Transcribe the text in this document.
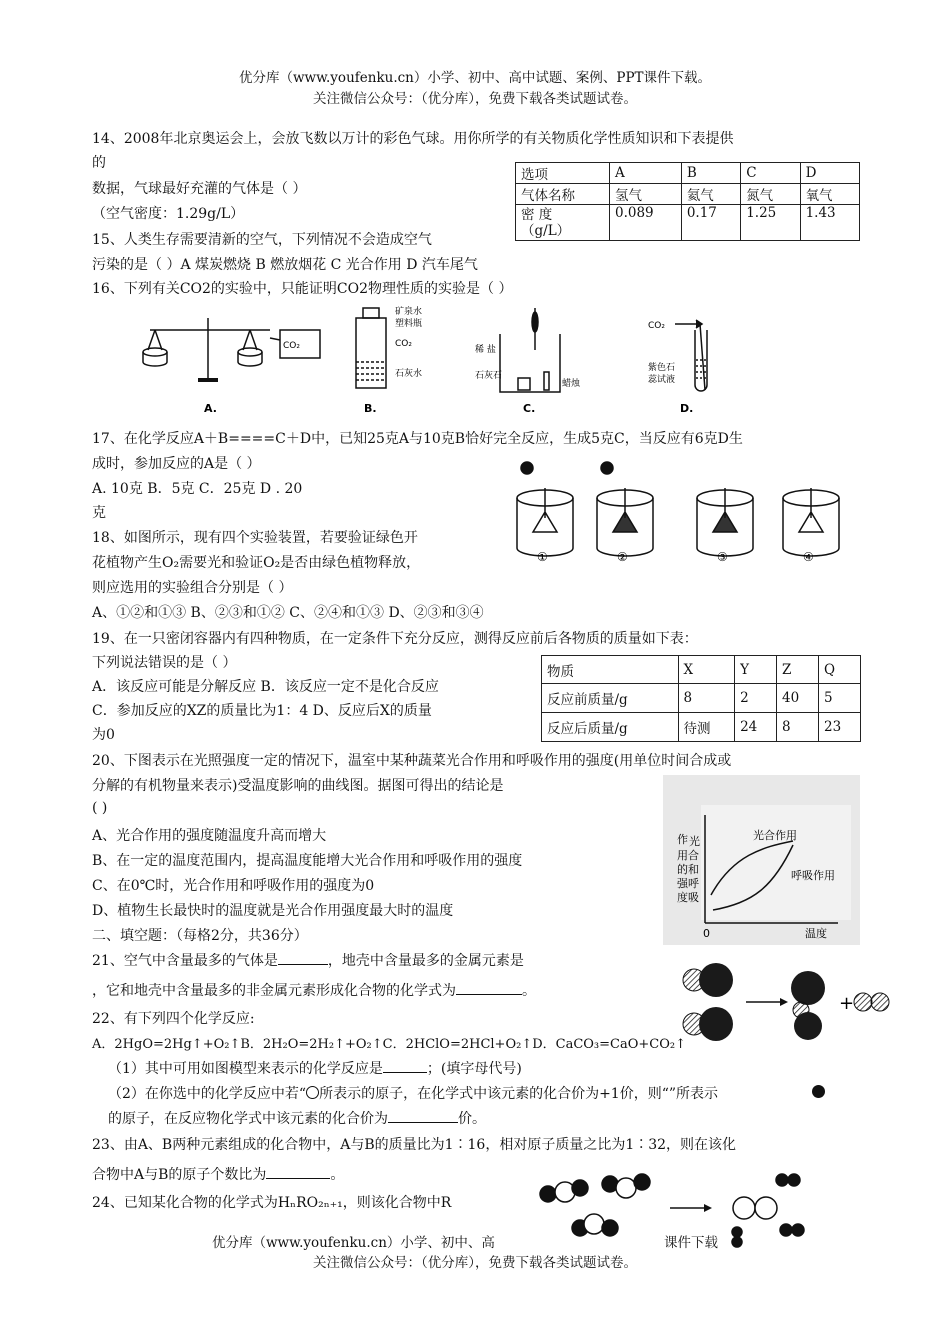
优分库（www.youfenku.cn）小学、初中、高中试题、案例、PPT课件下载。
关注微信公众号：（优分库），免费下载各类试题试卷。
14、2008年北京奥运会上，会放飞数以万计的彩色气球。用你所学的有关物质化学性质知识和下表提供
的
数据，气球最好充灌的气体是（ ）
（空气密度：1.29g/L）
选项	A	B	C	D
气体名称	氢气	氦气	氮气	氧气

密 度
（g/L）	0.089	0.17	1.25	1.43
15、人类生存需要清新的空气，下列情况不会造成空气
污染的是（ ）A 煤炭燃烧 B 燃放烟花 C 光合作用 D 汽车尾气
16、下列有关CO2的实验中，只能证明CO2物理性质的实验是（ ）
CO₂
A.
矿泉水
塑料瓶
CO₂
石灰水
B.
稀 盐
石灰石
蜡烛
C.
CO₂
紫色石
蕊试液
D.
17、在化学反应A＋B====C＋D中，已知25克A与10克B恰好完全反应，生成5克C，当反应有6克D生
成时，参加反应的A是（ ）
A. 10克 B．5克 C．25克 D . 20
克
①	②	③	④
18、如图所示，现有四个实验装置，若要验证绿色开
花植物产生O₂需要光和验证O₂是否由绿色植物释放，
则应选用的实验组合分别是（ ）
A、①②和①③ B、②③和①② C、②④和①③ D、②③和③④
19、在一只密闭容器内有四种物质，在一定条件下充分反应，测得反应前后各物质的质量如下表：
下列说法错误的是（ ）
A．该反应可能是分解反应 B．该反应一定不是化合反应
C．参加反应的XZ的质量比为1：4 D、反应后X的质量
为0
物质	X	Y	Z	Q
反应前质量/g	8	2	40	5
反应后质量/g	待测	24	8	23
20、下图表示在光照强度一定的情况下，温室中某种蔬菜光合作用和呼吸作用的强度(用单位时间合成或
分解的有机物量来表示)受温度影响的曲线图。据图可得出的结论是
( )
A、光合作用的强度随温度升高而增大
B、在一定的温度范围内，提高温度能增大光合作用和呼吸作用的强度
C、在0℃时，光合作用和呼吸作用的强度为0
D、植物生长最快时的温度就是光合作用强度最大时的温度
作 光
用合
的和
强呼
度吸
光合作用
呼吸作用
0	温度
二、填空题：（每格2分，共36分）
21、空气中含量最多的气体是	，地壳中含量最多的金属元素是
，它和地壳中含量最多的非金属元素形成化合物的化学式为	。
+
22、有下列四个化学反应:
A．2HgO=2Hg↑+O₂↑B．2H₂O=2H₂↑+O₂↑C．2HClO=2HCl+O₂↑D．CaCO₃=CaO+CO₂↑
（1）其中可用如图模型来表示的化学反应是	；(填字母代号)
（2）在你选中的化学反应中若“ 所表示的原子，在化学式中该元素的化合价为+1价，则“”所表示
的原子，在反应物化学式中该元素的化合价为	价。
23、由A、B两种元素组成的化合物中，A与B的质量比为1∶16，相对原子质量之比为1∶32，则在该化
合物中A与B的原子个数比为	。
24、已知某化合物的化学式为HₙRO₂ₙ₊₁，则该化合物中R
优分库（www.youfenku.cn）小学、初中、高	课件下载
关注微信公众号：（优分库），免费下载各类试题试卷。
